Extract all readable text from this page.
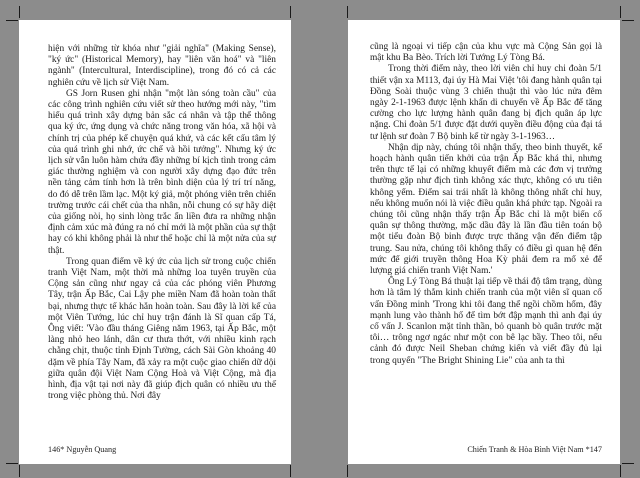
hiện với những từ khóa như "giải nghĩa" (Making Sense), "ký ức" (Historical Memory), hay "liên văn hoá" và "liên ngành" (Intercultural, Interdiscipline), trong đó có cả các nghiên cứu về lịch sử Việt Nam.

GS Jorn Rusen ghi nhận "một làn sóng toàn cầu" của các công trình nghiên cứu viết sử theo hướng mới này, "tìm hiểu quá trình xây dựng bản sắc cá nhân và tập thể thông qua ký ức, ứng dụng và chức năng trong văn hóa, xã hội và chính trị của phép kể chuyện quá khứ, và các kết cấu tâm lý của quá trình ghi nhớ, ức chế và hồi tưởng". Nhưng ký ức lịch sử vẫn luôn hàm chứa đầy những bí kịch tình trong cảm giác thường nghiệm và con người xây dựng đạo đức trên nền tảng cảm tính hơn là trên bình diện của lý trí trí năng, do đó dễ trên lầm lạc. Một ký giả, một phóng viên trên chiến trường trước cái chết của tha nhân, nỗi chung có sự hãy diệt của giống nòi, họ sinh lòng trắc ẩn liền đưa ra những nhận định cảm xúc mà đúng ra nó chỉ mới là một phần của sự thật hay có khi không phải là như thế hoặc chỉ là một nửa của sự thật.

Trong quan điểm về ký ức của lịch sử trong cuộc chiến tranh Việt Nam, một thời mà những loa tuyên truyền của Cộng sản cũng như ngay cả của các phóng viên Phương Tây, trận Ấp Bắc, Cai Lậy phe miền Nam đã hoàn toàn thất bại, nhưng thực tế khác hẳn hoàn toàn. Sau đây là lời kể của một Viên Tướng, lúc chỉ huy trận đánh là Sĩ quan cấp Tá, Ông viết: 'Vào đầu tháng Giêng năm 1963, tại Ấp Bắc, một làng nhỏ heo lánh, dân cư thưa thớt, với nhiều kinh rạch chằng chịt, thuộc tỉnh Định Tường, cách Sài Gòn khoảng 40 dặm về phía Tây Nam, đã xảy ra một cuộc giao chiến dữ dội giữa quân đội Việt Nam Cộng Hoà và Việt Cộng, mà địa hình, địa vật tại nơi này đã giúp địch quân có nhiều ưu thế trong việc phòng thủ. Nơi đây

146* Nguyễn Quang

cũng là ngoại vi tiếp cận của khu vực mà Cộng Sản gọi là mật khu Ba Bèo. Trích lời Tướng Lý Tòng Bá.

Trong thời điểm này, theo lời viên chỉ huy chi đoàn 5/1 thiết vận xa M113, đại úy Hà Mai Việt 'tôi đang hành quân tại Đồng Soài thuộc vùng 3 chiến thuật thì vào lúc nửa đêm ngày 2-1-1963 được lệnh khẩn di chuyển về Ấp Bắc để tăng cường cho lực lượng hành quân đang bị địch quân áp lực nặng. Chi đoàn 5/1 được đặt dưới quyền điều động của đại tá tư lệnh sư đoàn 7 Bộ binh kể từ ngày 3-1-1963…

Nhận dịp này, chúng tôi nhận thấy, theo binh thuyết, kế hoạch hành quân tiến khởi của trận Ấp Bắc khá thi, nhưng trên thực tế lại có những khuyết điểm mà các đơn vị trưởng thường gặp như địch tình không xác thực, không có ưu tiên không yểm. Điểm sai trái nhất là không thông nhất chỉ huy, nếu không muốn nói là việc điều quân khá phức tạp. Ngoài ra chúng tôi cũng nhận thấy trận Ấp Bắc chỉ là một biến cố quân sự thông thường, mặc dầu đây là lần đầu tiên toán bộ một tiểu đoàn Bộ binh được trực thăng vận đến điểm tập trung. Sau nửa, chúng tôi không thấy có điều gì quan hệ đến mức để giới truyền thông Hoa Kỳ phải đem ra mổ xẻ để lượng giá chiến tranh Việt Nam.'

Ông Lý Tòng Bá thuật lại tiếp về thái độ tâm trạng, dùng hơn là tâm lý thắm kinh chiến tranh của một viên sĩ quan cố vấn Đồng minh 'Trong khi tôi đang thể ngồi chồm hổm, đây mạnh lung vào thành hố để tìm bớt đập mạnh thì anh đại úy cố vấn J. Scanlon mặt tỉnh thần, bỏ quanh bò quân trước mặt tôi… trông ngơ ngác như một con bê lạc bầy. Theo tôi, nếu cảnh đó được Neil Sheban chứng kiến và viết đầy đủ lại trong quyển "The Bright Shining Lie" của anh ta thì

Chiến Tranh & Hòa Bình Việt Nam *147
